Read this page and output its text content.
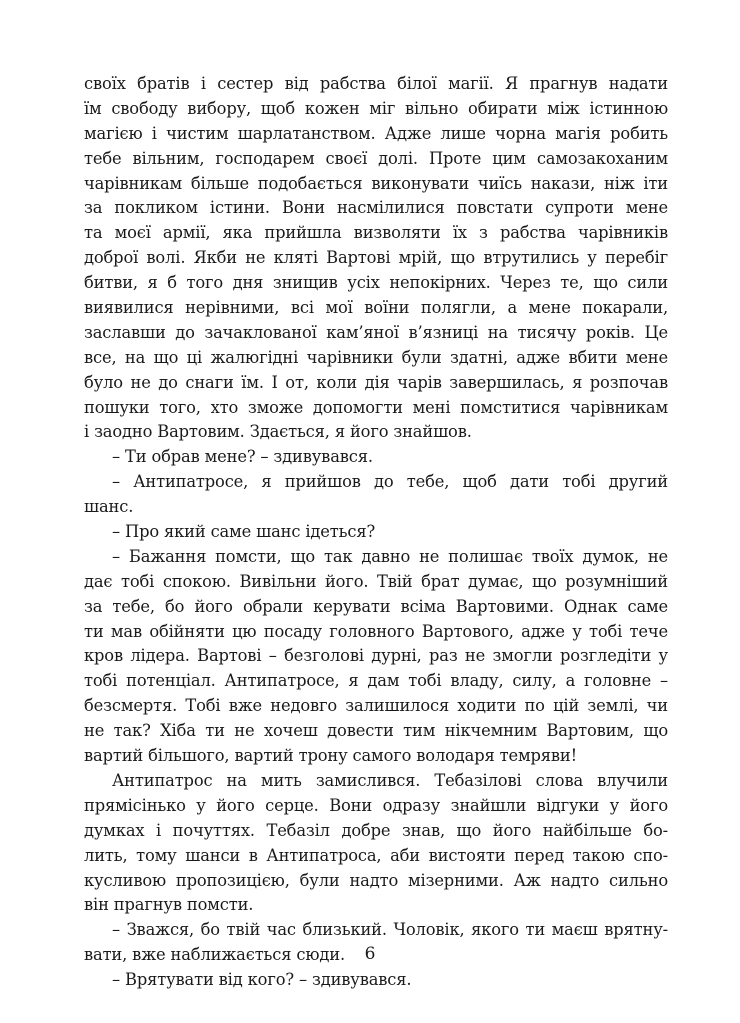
своїх братів і сестер від рабства білої магії. Я прагнув надати
їм свободу вибору, щоб кожен міг вільно обирати між істинною
магією і чистим шарлатанством. Адже лише чорна магія робить
тебе вільним, господарем своєї долі. Проте цим самозакоханим
чарівникам більше подобається виконувати чиїсь накази, ніж іти
за покликом істини. Вони насмілилися повстати супроти мене
та моєї армії, яка прийшла визволяти їх з рабства чарівників
доброї волі. Якби не кляті Вартові мрій, що втрутились у перебіг
битви, я б того дня знищив усіх непокірних. Через те, що сили
виявилися нерівними, всі мої воїни полягли, а мене покарали,
заславши до зачаклованої кам’яної в’язниці на тисячу років. Це
все, на що ці жалюгідні чарівники були здатні, адже вбити мене
було не до снаги їм. І от, коли дія чарів завершилась, я розпочав
пошуки того, хто зможе допомогти мені помститися чарівникам
і заодно Вартовим. Здається, я його знайшов.
– Ти обрав мене? – здивувався.
– Антипатросе, я прийшов до тебе, щоб дати тобі другий
шанс.
– Про який саме шанс ідеться?
– Бажання помсти, що так давно не полишає твоїх думок, не
дає тобі спокою. Вивільни його. Твій брат думає, що розумніший
за тебе, бо його обрали керувати всіма Вартовими. Однак саме
ти мав обійняти цю посаду головного Вартового, адже у тобі тече
кров лідера. Вартові – безголові дурні, раз не змогли розгледіти у
тобі потенціал. Антипатросе, я дам тобі владу, силу, а головне –
безсмертя. Тобі вже недовго залишилося ходити по цій землі, чи
не так? Хіба ти не хочеш довести тим нікчемним Вартовим, що
вартий більшого, вартий трону самого володаря темряви!
Антипатрос на мить замислився. Тебазілові слова влучили
прямісінько у його серце. Вони одразу знайшли відгуки у його
думках і почуттях. Тебазіл добре знав, що його найбільше бо-
лить, тому шанси в Антипатроса, аби вистояти перед такою спо-
кусливою пропозицією, були надто мізерними. Аж надто сильно
він прагнув помсти.
– Зважся, бо твій час близький. Чоловік, якого ти маєш врятну-
вати, вже наближається сюди.
– Врятувати від кого? – здивувався.
6
